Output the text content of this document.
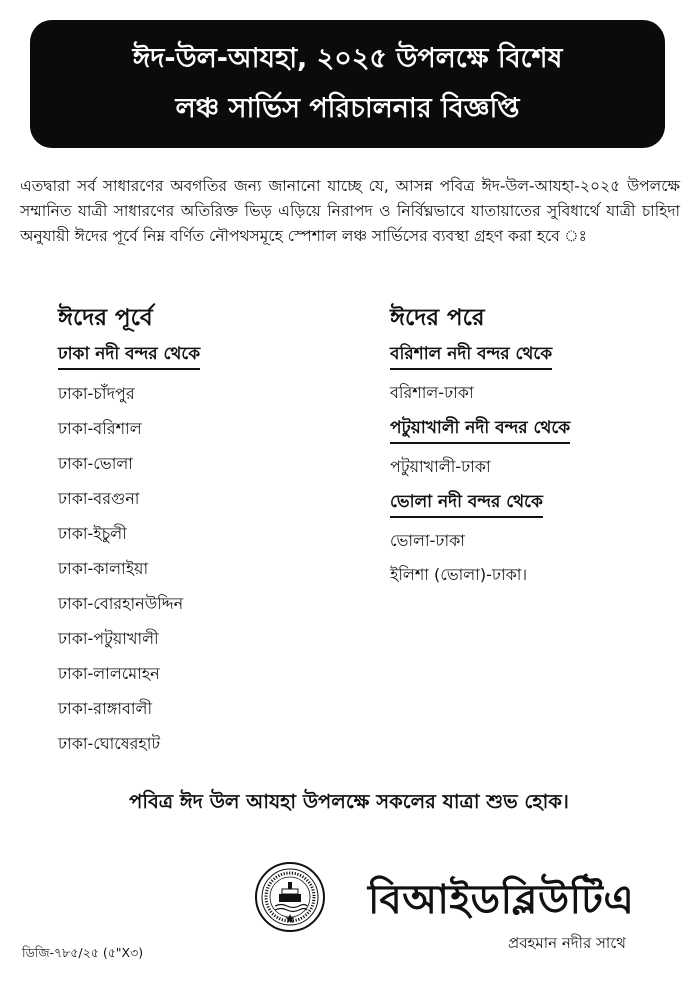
ঈদ-উল-আযহা, ২০২৫ উপলক্ষে বিশেষ
লঞ্চ সার্ভিস পরিচালনার বিজ্ঞপ্তি

এতদ্বারা সর্ব সাধারণের অবগতির জন্য জানানো যাচ্ছে যে, আসন্ন পবিত্র ঈদ-উল-আযহা-২০২৫ উপলক্ষে সম্মানিত যাত্রী সাধারণের অতিরিক্ত ভিড় এড়িয়ে নিরাপদ ও নির্বিঘ্নভাবে যাতায়াতের সুবিধার্থে যাত্রী চাহিদা অনুযায়ী ঈদের পূর্বে নিম্ন বর্ণিত নৌপথসমূহে স্পেশাল লঞ্চ সার্ভিসের ব্যবস্থা গ্রহণ করা হবে ঃ

ঈদের পূর্বে
ঢাকা নদী বন্দর থেকে
ঢাকা-চাঁদপুর
ঢাকা-বরিশাল
ঢাকা-ভোলা
ঢাকা-বরগুনা
ঢাকা-ইচুলী
ঢাকা-কালাইয়া
ঢাকা-বোরহানউদ্দিন
ঢাকা-পটুয়াখালী
ঢাকা-লালমোহন
ঢাকা-রাঙ্গাবালী
ঢাকা-ঘোষেরহাট
ঈদের পরে
বরিশাল নদী বন্দর থেকে
বরিশাল-ঢাকা
পটুয়াখালী নদী বন্দর থেকে
পটুয়াখালী-ঢাকা
ভোলা নদী বন্দর থেকে
ভোলা-ঢাকা
ইলিশা (ভোলা)-ঢাকা।
পবিত্র ঈদ উল আযহা উপলক্ষে সকলের যাত্রা শুভ হোক।
বিআইডব্লিউটিএ
প্রবহমান নদীর সাথে
ডিজি-৭৮৫/২৫ (৫"X৩)
